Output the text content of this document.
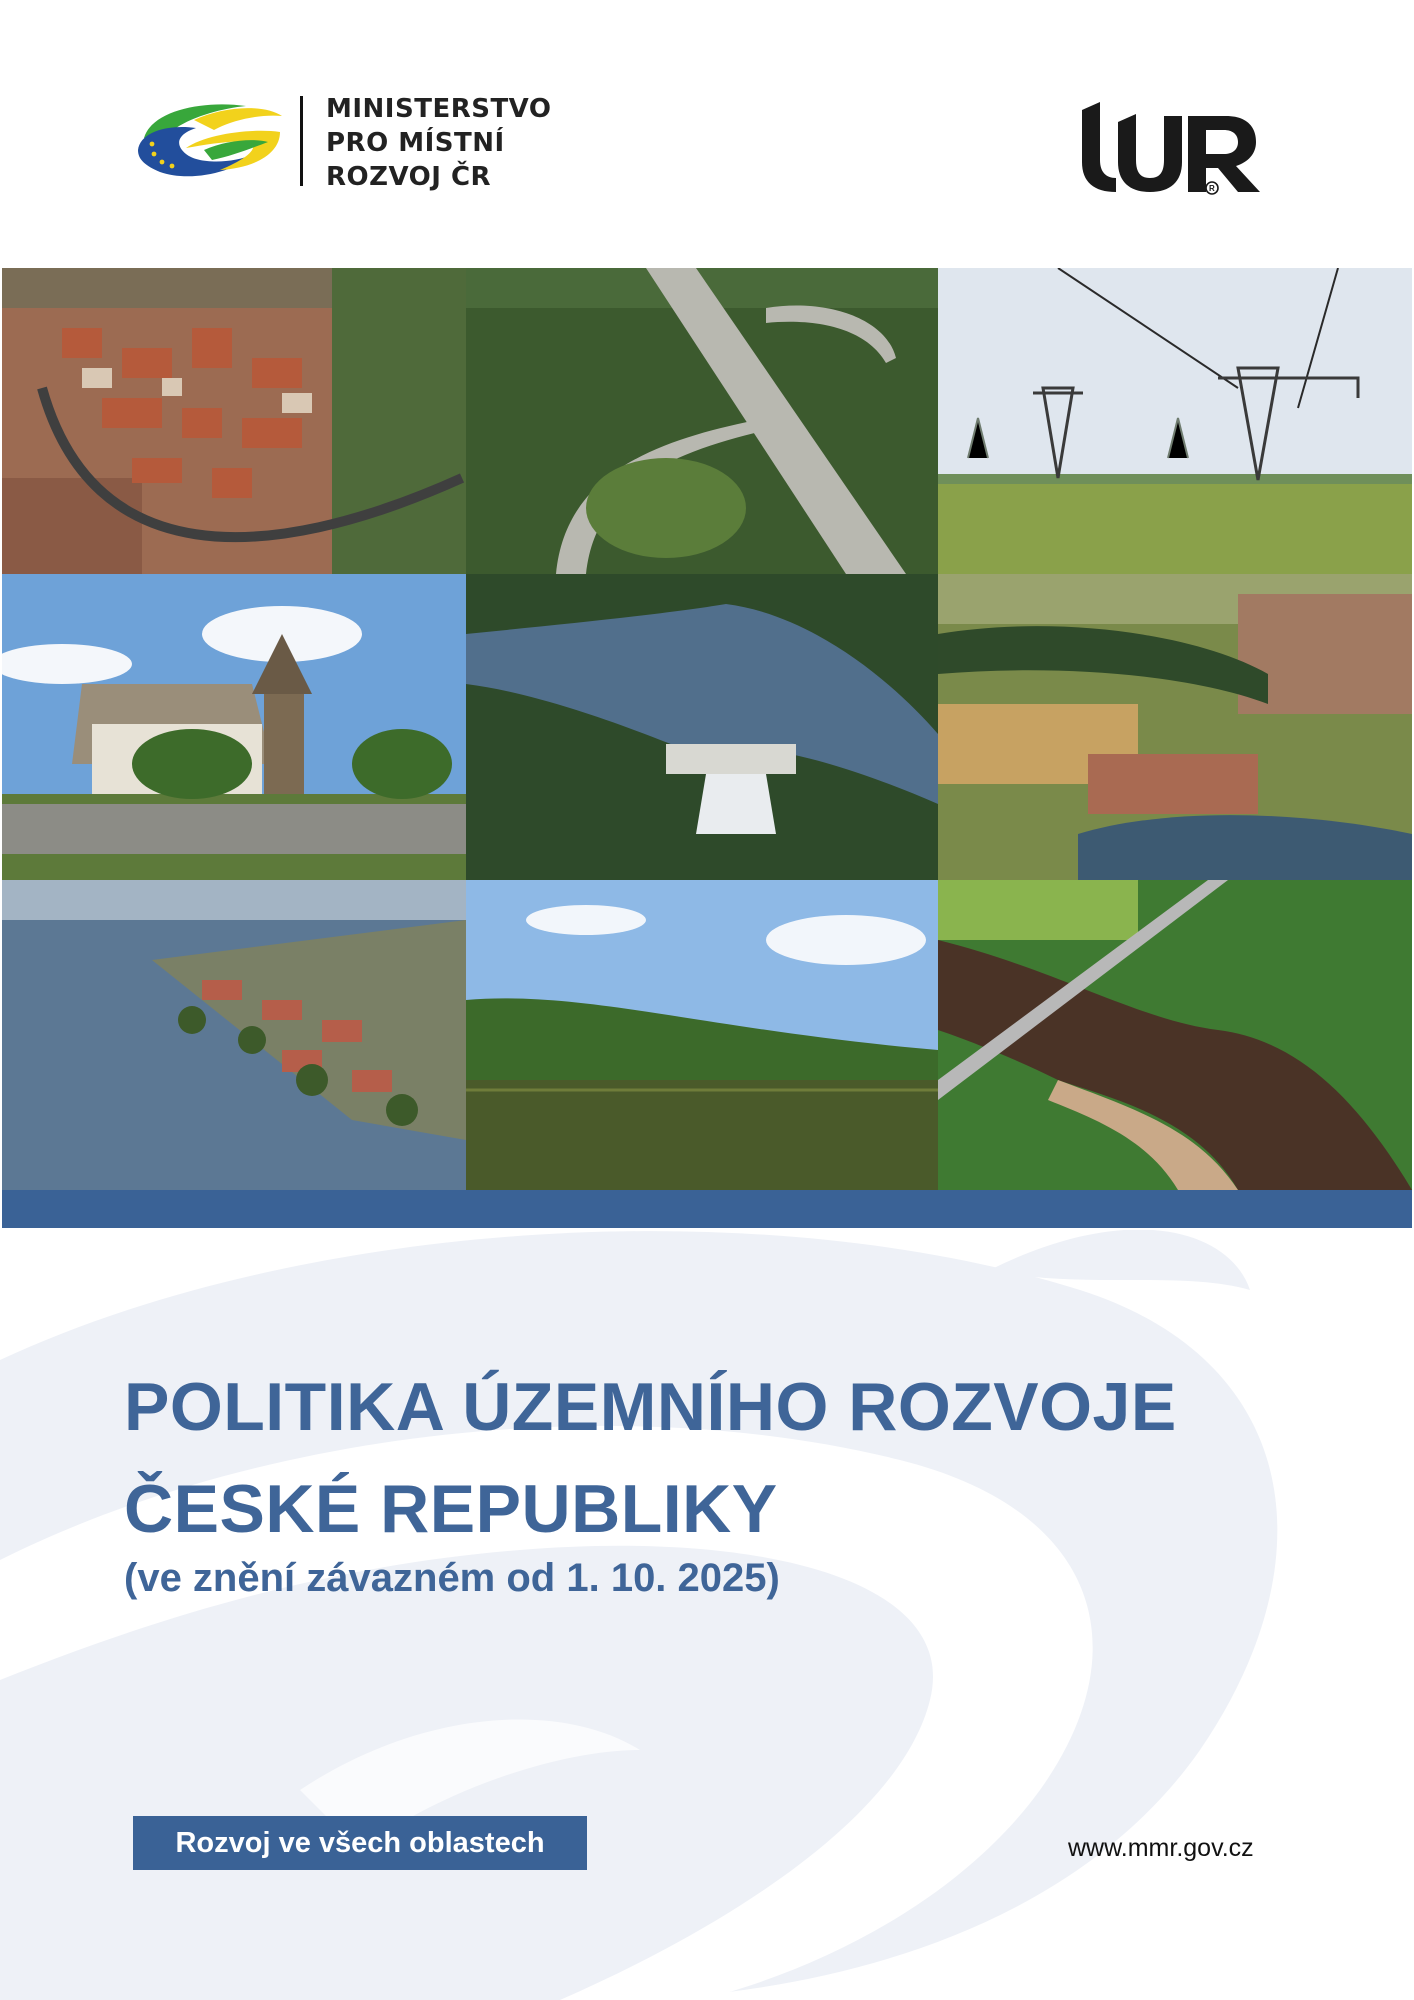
MINISTERSTVO
PRO MÍSTNÍ
ROZVOJ ČR	R
POLITIKA ÚZEMNÍHO ROZVOJE
ČESKÉ REPUBLIKY
(ve znění závazném od 1. 10. 2025)
Rozvoj ve všech oblastech	www.mmr.gov.cz
